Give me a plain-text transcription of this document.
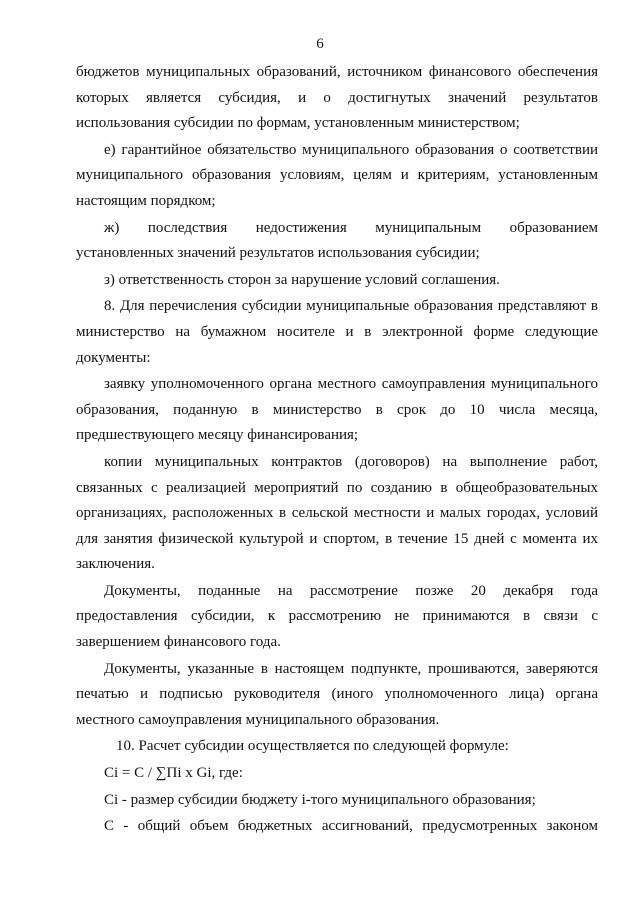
6
бюджетов муниципальных образований, источником финансового обеспечения
которых является субсидия, и о достигнутых значений результатов
использования субсидии по формам, установленным министерством;
е) гарантийное обязательство муниципального образования о соответствии
муниципального образования условиям, целям и критериям, установленным
настоящим порядком;
ж) последствия недостижения муниципальным образованием
установленных значений результатов использования субсидии;
з) ответственность сторон за нарушение условий соглашения.
8. Для перечисления субсидии муниципальные образования представляют в
министерство на бумажном носителе и в электронной форме следующие
документы:
заявку уполномоченного органа местного самоуправления муниципального
образования, поданную в министерство в срок до 10 числа месяца,
предшествующего месяцу финансирования;
копии муниципальных контрактов (договоров) на выполнение работ,
связанных с реализацией мероприятий по созданию в общеобразовательных
организациях, расположенных в сельской местности и малых городах, условий
для занятия физической культурой и спортом, в течение 15 дней с момента их
заключения.
Документы, поданные на рассмотрение позже 20 декабря года
предоставления субсидии, к рассмотрению не принимаются в связи с
завершением финансового года.
Документы, указанные в настоящем подпункте, прошиваются, заверяются
печатью и подписью руководителя (иного уполномоченного лица) органа
местного самоуправления муниципального образования.
10. Расчет субсидии осуществляется по следующей формуле:
Ci = C / ∑Пi x Gi, где:
Ci - размер субсидии бюджету i-того муниципального образования;
С - общий объем бюджетных ассигнований, предусмотренных законом
